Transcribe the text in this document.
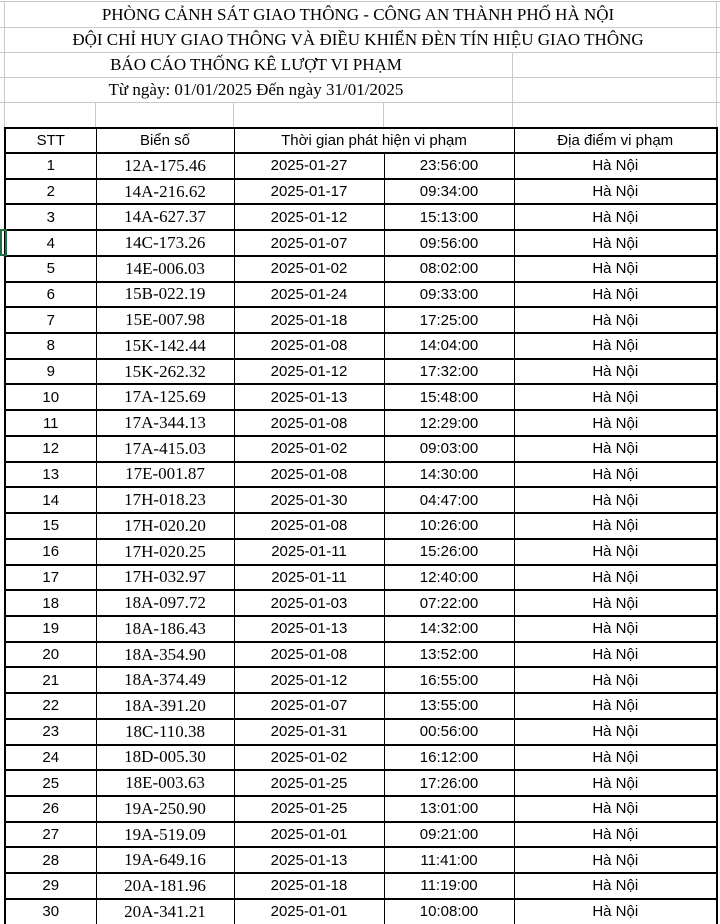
PHÒNG CẢNH SÁT GIAO THÔNG - CÔNG AN THÀNH PHỐ HÀ NỘI
ĐỘI CHỈ HUY GIAO THÔNG VÀ ĐIỀU KHIỂN ĐÈN TÍN HIỆU GIAO THÔNG
BÁO CÁO THỐNG KÊ LƯỢT VI PHẠM
Từ ngày: 01/01/2025 Đến ngày 31/01/2025
STT	Biển số	Thời gian phát hiện vi phạm		Địa điểm vi phạm
1	12A-175.46	2025-01-27	23:56:00	Hà Nội
2	14A-216.62	2025-01-17	09:34:00	Hà Nội
3	14A-627.37	2025-01-12	15:13:00	Hà Nội
4	14C-173.26	2025-01-07	09:56:00	Hà Nội
5	14E-006.03	2025-01-02	08:02:00	Hà Nội
6	15B-022.19	2025-01-24	09:33:00	Hà Nội
7	15E-007.98	2025-01-18	17:25:00	Hà Nội
8	15K-142.44	2025-01-08	14:04:00	Hà Nội
9	15K-262.32	2025-01-12	17:32:00	Hà Nội
10	17A-125.69	2025-01-13	15:48:00	Hà Nội
11	17A-344.13	2025-01-08	12:29:00	Hà Nội
12	17A-415.03	2025-01-02	09:03:00	Hà Nội
13	17E-001.87	2025-01-08	14:30:00	Hà Nội
14	17H-018.23	2025-01-30	04:47:00	Hà Nội
15	17H-020.20	2025-01-08	10:26:00	Hà Nội
16	17H-020.25	2025-01-11	15:26:00	Hà Nội
17	17H-032.97	2025-01-11	12:40:00	Hà Nội
18	18A-097.72	2025-01-03	07:22:00	Hà Nội
19	18A-186.43	2025-01-13	14:32:00	Hà Nội
20	18A-354.90	2025-01-08	13:52:00	Hà Nội
21	18A-374.49	2025-01-12	16:55:00	Hà Nội
22	18A-391.20	2025-01-07	13:55:00	Hà Nội
23	18C-110.38	2025-01-31	00:56:00	Hà Nội
24	18D-005.30	2025-01-02	16:12:00	Hà Nội
25	18E-003.63	2025-01-25	17:26:00	Hà Nội
26	19A-250.90	2025-01-25	13:01:00	Hà Nội
27	19A-519.09	2025-01-01	09:21:00	Hà Nội
28	19A-649.16	2025-01-13	11:41:00	Hà Nội
29	20A-181.96	2025-01-18	11:19:00	Hà Nội
30	20A-341.21	2025-01-01	10:08:00	Hà Nội
